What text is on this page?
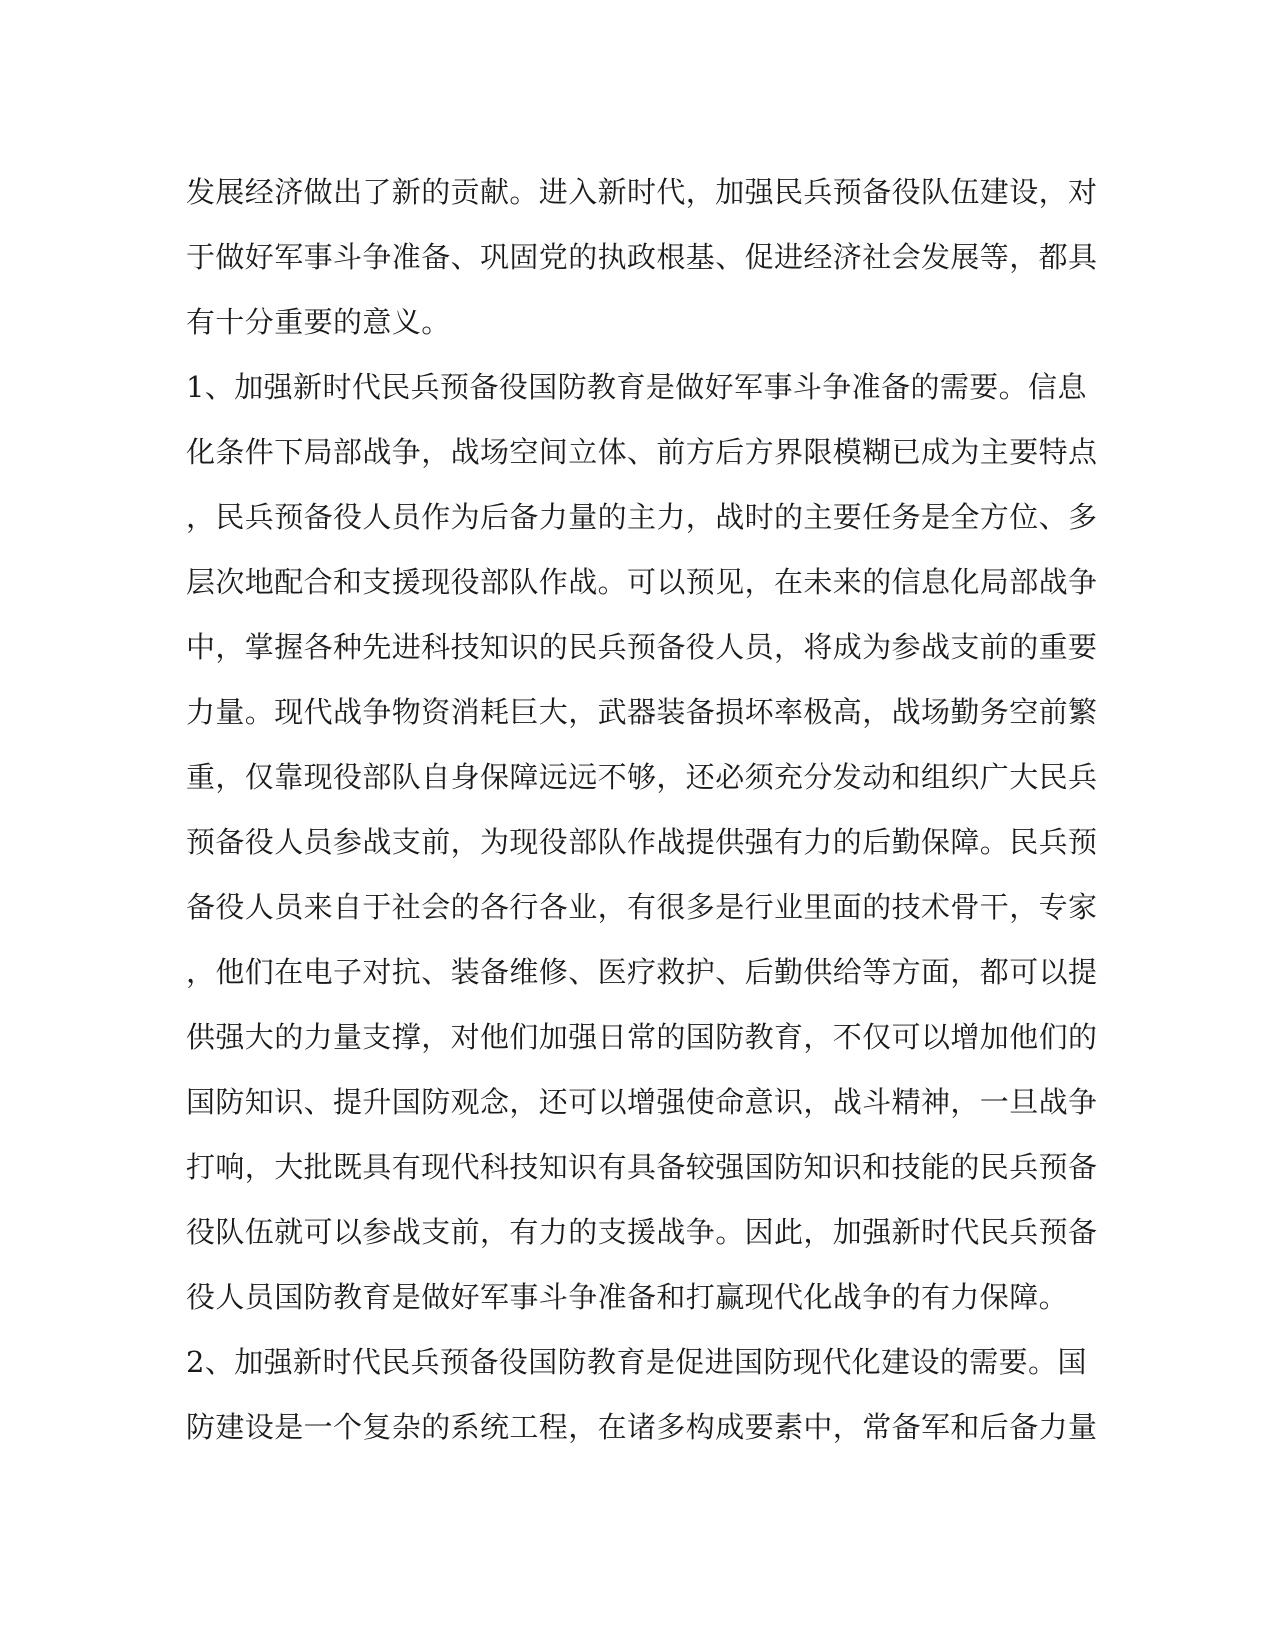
发展经济做出了新的贡献。进入新时代，加强民兵预备役队伍建设，对
于做好军事斗争准备、巩固党的执政根基、促进经济社会发展等，都具
有十分重要的意义。
1、加强新时代民兵预备役国防教育是做好军事斗争准备的需要。信息
化条件下局部战争，战场空间立体、前方后方界限模糊已成为主要特点
，民兵预备役人员作为后备力量的主力，战时的主要任务是全方位、多
层次地配合和支援现役部队作战。可以预见，在未来的信息化局部战争
中，掌握各种先进科技知识的民兵预备役人员，将成为参战支前的重要
力量。现代战争物资消耗巨大，武器装备损坏率极高，战场勤务空前繁
重，仅靠现役部队自身保障远远不够，还必须充分发动和组织广大民兵
预备役人员参战支前，为现役部队作战提供强有力的后勤保障。民兵预
备役人员来自于社会的各行各业，有很多是行业里面的技术骨干，专家
，他们在电子对抗、装备维修、医疗救护、后勤供给等方面，都可以提
供强大的力量支撑，对他们加强日常的国防教育，不仅可以增加他们的
国防知识、提升国防观念，还可以增强使命意识，战斗精神，一旦战争
打响，大批既具有现代科技知识有具备较强国防知识和技能的民兵预备
役队伍就可以参战支前，有力的支援战争。因此，加强新时代民兵预备
役人员国防教育是做好军事斗争准备和打赢现代化战争的有力保障。
2、加强新时代民兵预备役国防教育是促进国防现代化建设的需要。国
防建设是一个复杂的系统工程，在诸多构成要素中，常备军和后备力量
